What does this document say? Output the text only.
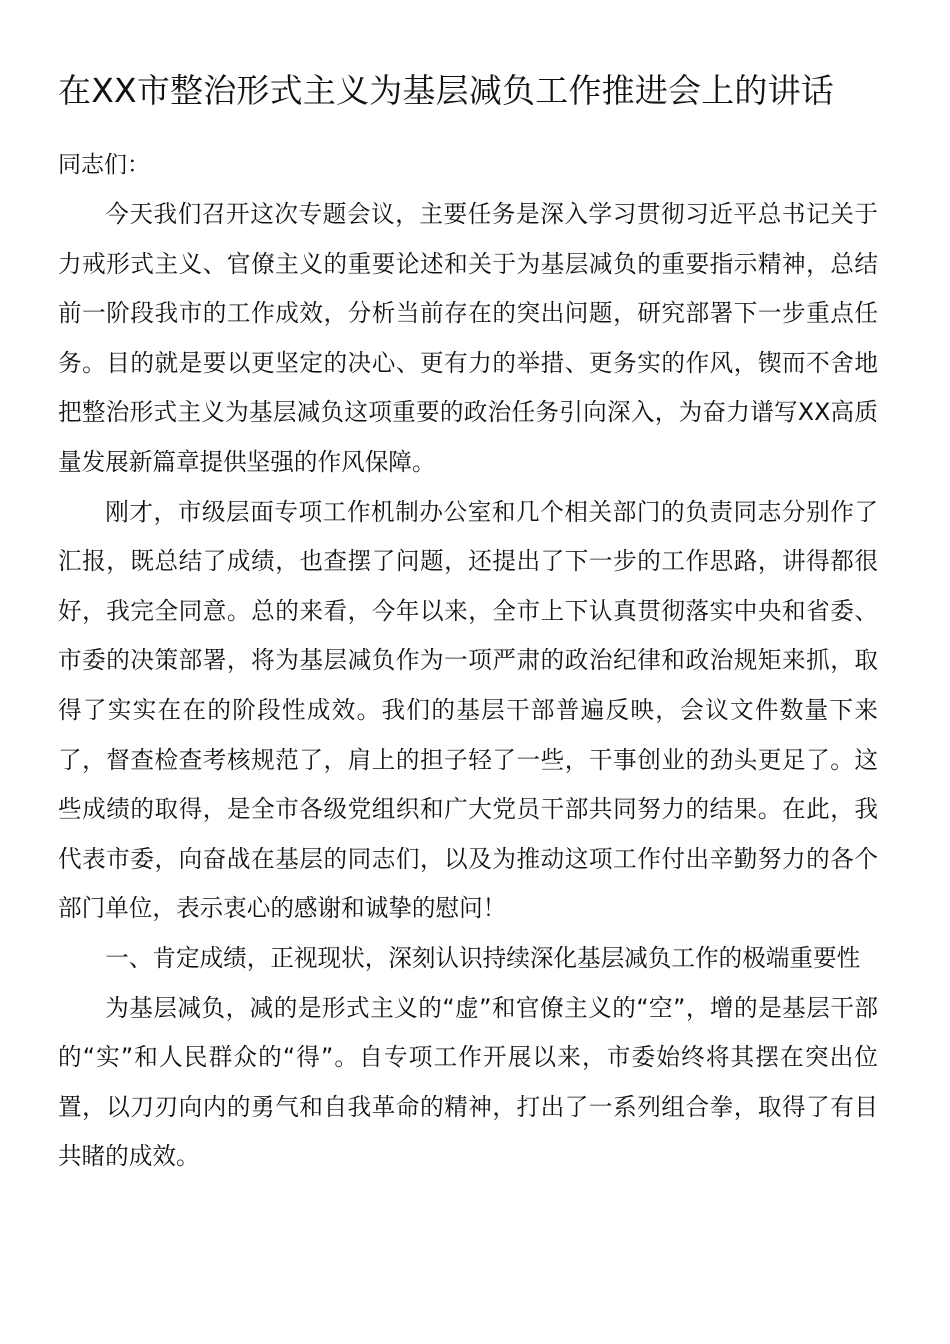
在XX市整治形式主义为基层减负工作推进会上的讲话
同志们：

今天我们召开这次专题会议，主要任务是深入学习贯彻习近平总书记关于力戒形式主义、官僚主义的重要论述和关于为基层减负的重要指示精神，总结前一阶段我市的工作成效，分析当前存在的突出问题，研究部署下一步重点任务。目的就是要以更坚定的决心、更有力的举措、更务实的作风，锲而不舍地把整治形式主义为基层减负这项重要的政治任务引向深入，为奋力谱写XX高质量发展新篇章提供坚强的作风保障。

刚才，市级层面专项工作机制办公室和几个相关部门的负责同志分别作了汇报，既总结了成绩，也查摆了问题，还提出了下一步的工作思路，讲得都很好，我完全同意。总的来看，今年以来，全市上下认真贯彻落实中央和省委、市委的决策部署，将为基层减负作为一项严肃的政治纪律和政治规矩来抓，取得了实实在在的阶段性成效。我们的基层干部普遍反映，会议文件数量下来了，督查检查考核规范了，肩上的担子轻了一些，干事创业的劲头更足了。这些成绩的取得，是全市各级党组织和广大党员干部共同努力的结果。在此，我代表市委，向奋战在基层的同志们，以及为推动这项工作付出辛勤努力的各个部门单位，表示衷心的感谢和诚挚的慰问！

一、肯定成绩，正视现状，深刻认识持续深化基层减负工作的极端重要性

为基层减负，减的是形式主义的“虚”和官僚主义的“空”，增的是基层干部的“实”和人民群众的“得”。自专项工作开展以来，市委始终将其摆在突出位置，以刀刃向内的勇气和自我革命的精神，打出了一系列组合拳，取得了有目共睹的成效。
